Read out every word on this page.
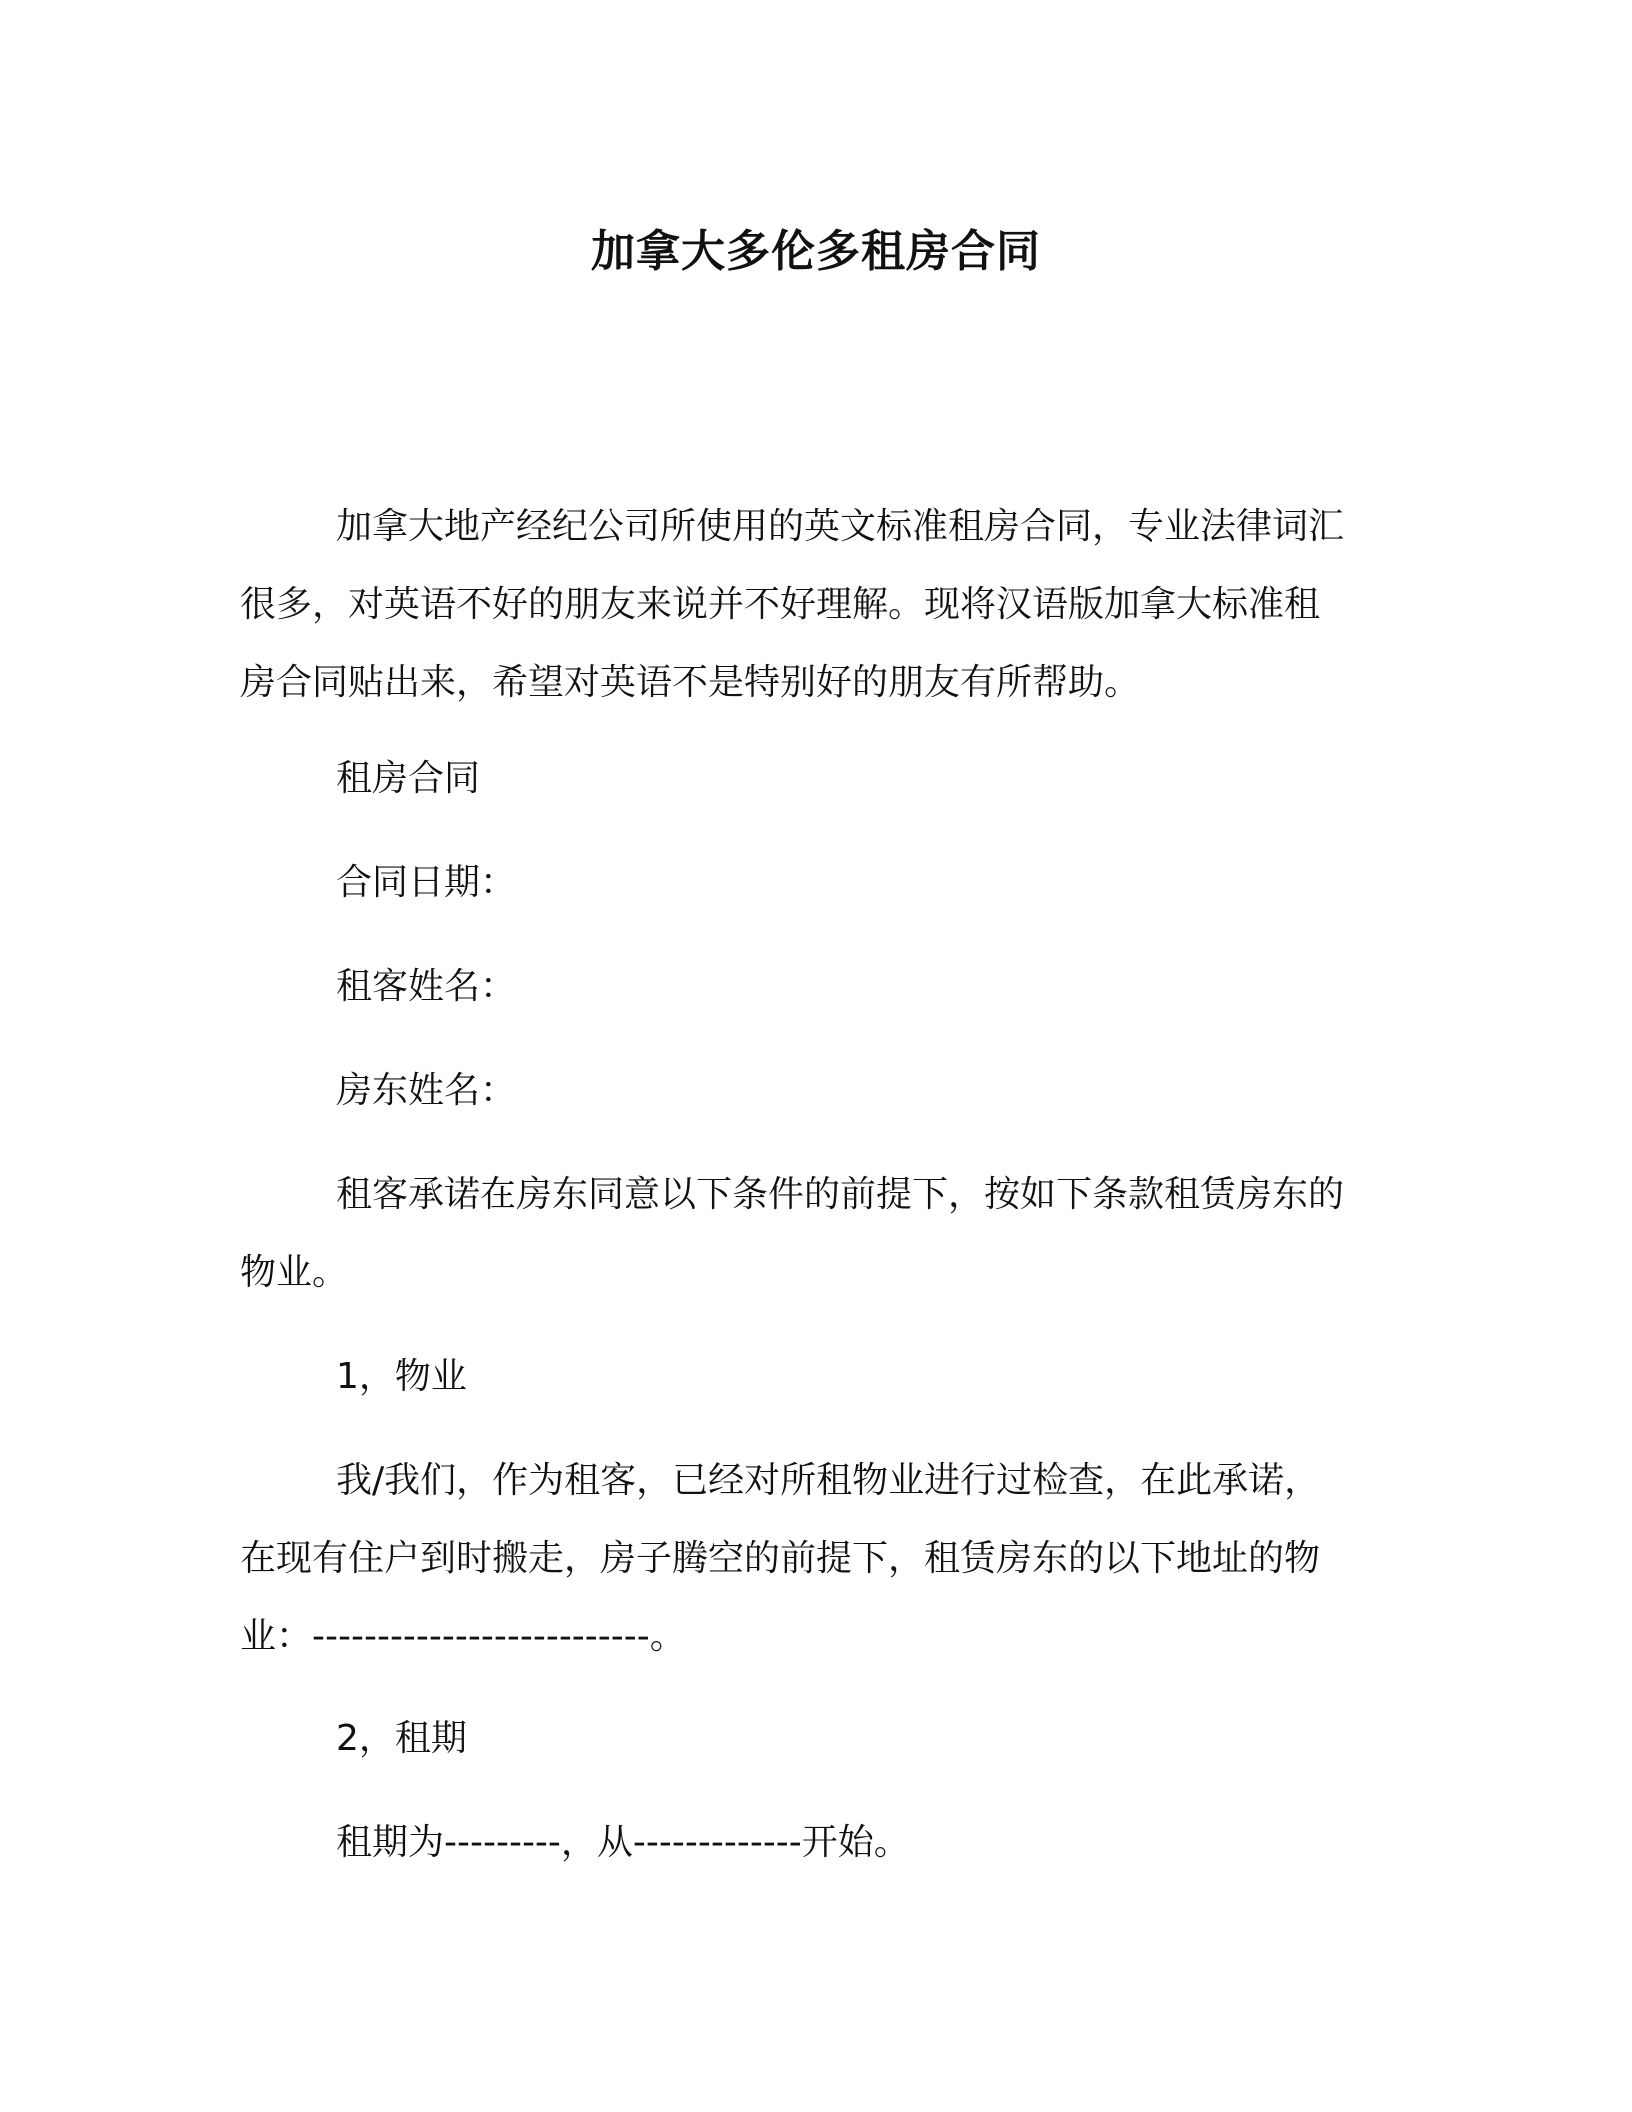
加拿大多伦多租房合同
加拿大地产经纪公司所使用的英文标准租房合同，专业法律词汇
很多，对英语不好的朋友来说并不好理解。现将汉语版加拿大标准租
房合同贴出来，希望对英语不是特别好的朋友有所帮助。
租房合同
合同日期：
租客姓名：
房东姓名：
租客承诺在房东同意以下条件的前提下，按如下条款租赁房东的
物业。
1，物业
我/我们，作为租客，已经对所租物业进行过检查，在此承诺，
在现有住户到时搬走，房子腾空的前提下，租赁房东的以下地址的物
业：--------------------------。
2，租期
租期为---------，从-------------开始。
